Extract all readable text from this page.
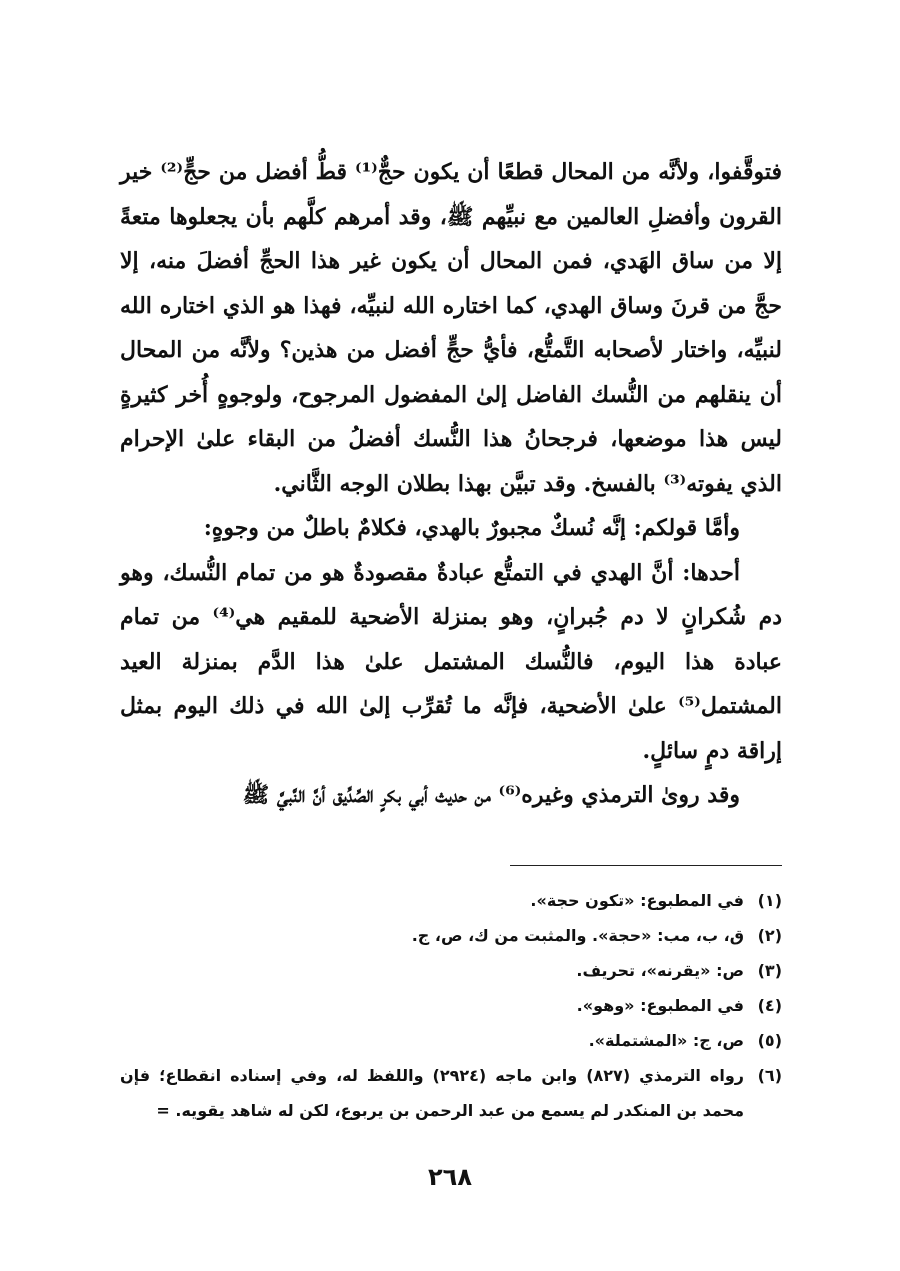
فتوقَّفوا، ولأنَّه من المحال قطعًا أن يكون حجٌّ⁽¹⁾ قطُّ أفضل من حجٍّ⁽²⁾ خير القرون وأفضلِ العالمين مع نبيِّهم ﷺ، وقد أمرهم كلَّهم بأن يجعلوها متعةً إلا من ساق الهَدي، فمن المحال أن يكون غير هذا الحجِّ أفضلَ منه، إلا حجَّ من قرنَ وساق الهدي، كما اختاره الله لنبيِّه، فهذا هو الذي اختاره الله لنبيِّه، واختار لأصحابه التَّمتُّع، فأيُّ حجٍّ أفضل من هذين؟ ولأنَّه من المحال أن ينقلهم من النُّسك الفاضل إلىٰ المفضول المرجوح، ولوجوهٍ أُخر كثيرةٍ ليس هذا موضعها، فرجحانُ هذا النُّسك أفضلُ من البقاء علىٰ الإحرام الذي يفوته⁽³⁾ بالفسخ. وقد تبيَّن بهذا بطلان الوجه الثَّاني.

وأمَّا قولكم: إنَّه نُسكٌ مجبورٌ بالهدي، فكلامٌ باطلٌ من وجوهٍ:

أحدها: أنَّ الهدي في التمتُّع عبادةٌ مقصودةٌ هو من تمام النُّسك، وهو دم شُكرانٍ لا دم جُبرانٍ، وهو بمنزلة الأضحية للمقيم هي⁽⁴⁾ من تمام عبادة هذا اليوم، فالنُّسك المشتمل علىٰ هذا الدَّم بمنزلة العيد المشتمل⁽⁵⁾ علىٰ الأضحية، فإنَّه ما تُقرِّب إلىٰ الله في ذلك اليوم بمثل إراقة دمٍ سائلٍ.

وقد روىٰ الترمذي وغيره⁽⁶⁾ من حديث أبي بكرٍ الصِّدِّيق أنَّ النَّبيَّ ﷺ

(١)
في المطبوع: «تكون حجة».
(٢)
ق، ب، مب: «حجة». والمثبت من ك، ص، ج.
(٣)
ص: «يقرنه»، تحريف.
(٤)
في المطبوع: «وهو».
(٥)
ص، ج: «المشتملة».
(٦)
رواه الترمذي (٨٢٧) وابن ماجه (٢٩٢٤) واللفظ له، وفي إسناده انقطاع؛ فإن محمد بن المنكدر لم يسمع من عبد الرحمن بن يربوع، لكن له شاهد يقويه. =
٢٦٨
